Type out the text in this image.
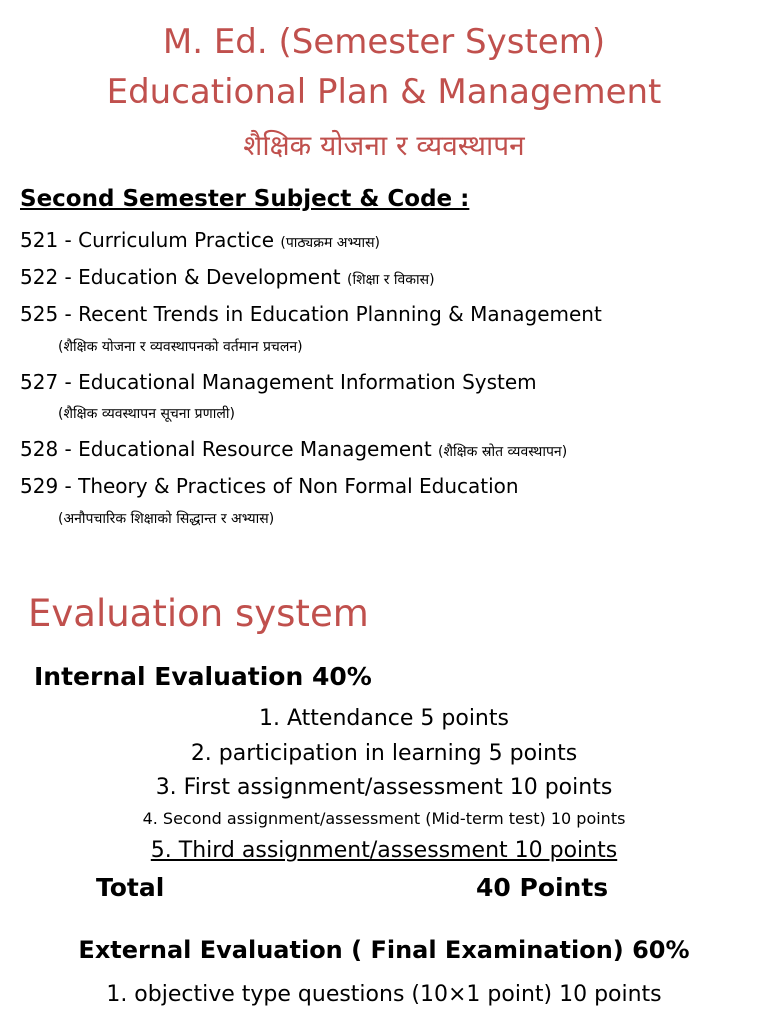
M. Ed. (Semester System)
Educational Plan & Management
शैक्षिक योजना र व्यवस्थापन
Second Semester Subject & Code :
521 - Curriculum Practice (पाठ्यक्रम अभ्यास)
522 - Education & Development (शिक्षा र विकास)
525 - Recent Trends in Education Planning & Management
(शैक्षिक योजना र व्यवस्थापनको वर्तमान प्रचलन)
527 - Educational Management Information System
(शैक्षिक व्यवस्थापन सूचना प्रणाली)
528 - Educational Resource Management (शैक्षिक स्रोत व्यवस्थापन)
529 - Theory & Practices of Non Formal Education
(अनौपचारिक शिक्षाको सिद्धान्त र अभ्यास)
Evaluation system
Internal Evaluation 40%
1. Attendance 5 points
2. participation in learning 5 points
3. First assignment/assessment 10 points
4. Second assignment/assessment (Mid-term test) 10 points
5. Third assignment/assessment 10 points
Total	40 Points
External Evaluation ( Final Examination) 60%
1. objective type questions (10×1 point) 10 points
